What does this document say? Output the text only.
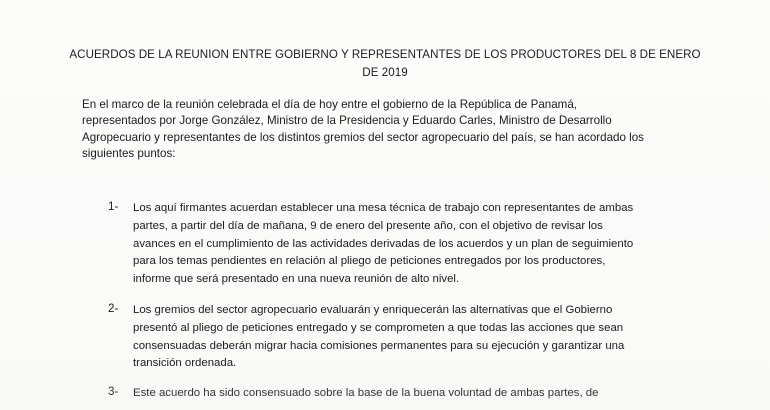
ACUERDOS DE LA REUNION ENTRE GOBIERNO Y REPRESENTANTES DE LOS PRODUCTORES DEL 8 DE ENERO
DE 2019
En el marco de la reunión celebrada el día de hoy entre el gobierno de la República de Panamá,
representados por Jorge González, Ministro de la Presidencia y Eduardo Carles, Ministro de Desarrollo
Agropecuario y representantes de los distintos gremios del sector agropecuario del país, se han acordado los
siguientes puntos:
1- Los aquí firmantes acuerdan establecer una mesa técnica de trabajo con representantes de ambas
partes, a partir del día de mañana, 9 de enero del presente año, con el objetivo de revisar los
avances en el cumplimiento de las actividades derivadas de los acuerdos y un plan de seguimiento
para los temas pendientes en relación al pliego de peticiones entregados por los productores,
informe que será presentado en una nueva reunión de alto nivel.
2- Los gremios del sector agropecuario evaluarán y enriquecerán las alternativas que el Gobierno
presentó al pliego de peticiones entregado y se comprometen a que todas las acciones que sean
consensuadas deberán migrar hacia comisiones permanentes para su ejecución y garantizar una
transición ordenada.
3- Este acuerdo ha sido consensuado sobre la base de la buena voluntad de ambas partes, de
